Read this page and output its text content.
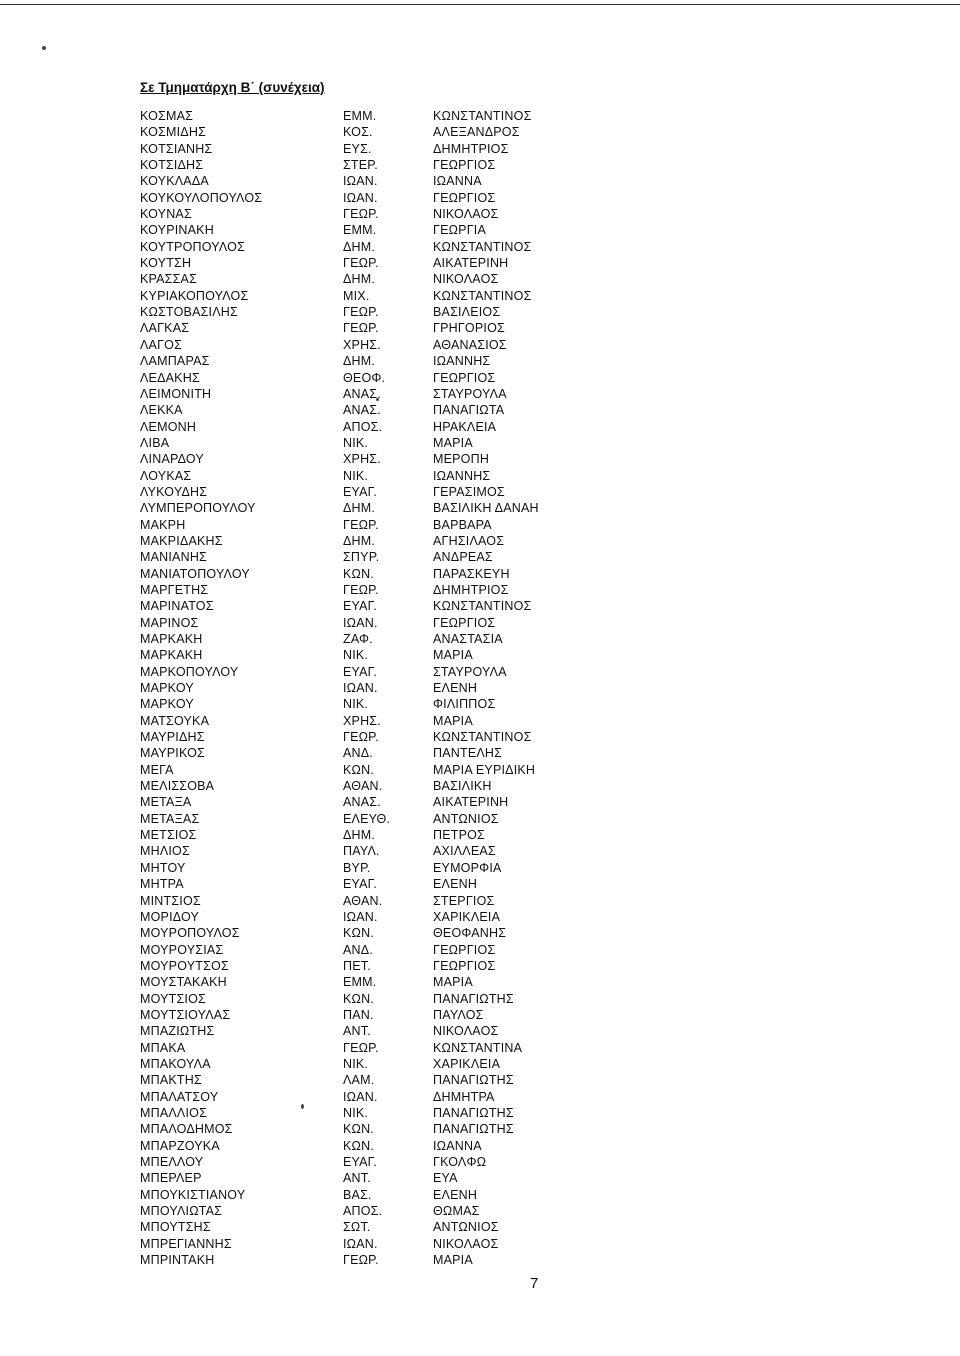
Σε Τμηματάρχη Β΄ (συνέχεια)
ΚΟΣΜΑΣ	ΕΜΜ.	ΚΩΝΣΤΑΝΤΙΝΟΣ
ΚΟΣΜΙΔΗΣ	ΚΟΣ.	ΑΛΕΞΑΝΔΡΟΣ
ΚΟΤΣΙΑΝΗΣ	ΕΥΣ.	ΔΗΜΗΤΡΙΟΣ
ΚΟΤΣΙΔΗΣ	ΣΤΕΡ.	ΓΕΩΡΓΙΟΣ
ΚΟΥΚΛΑΔΑ	ΙΩΑΝ.	ΙΩΑΝΝΑ
ΚΟΥΚΟΥΛΟΠΟΥΛΟΣ	ΙΩΑΝ.	ΓΕΩΡΓΙΟΣ
ΚΟΥΝΑΣ	ΓΕΩΡ.	ΝΙΚΟΛΑΟΣ
ΚΟΥΡΙΝΑΚΗ	ΕΜΜ.	ΓΕΩΡΓΙΑ
ΚΟΥΤΡΟΠΟΥΛΟΣ	ΔΗΜ.	ΚΩΝΣΤΑΝΤΙΝΟΣ
ΚΟΥΤΣΗ	ΓΕΩΡ.	ΑΙΚΑΤΕΡΙΝΗ
ΚΡΑΣΣΑΣ	ΔΗΜ.	ΝΙΚΟΛΑΟΣ
ΚΥΡΙΑΚΟΠΟΥΛΟΣ	ΜΙΧ.	ΚΩΝΣΤΑΝΤΙΝΟΣ
ΚΩΣΤΟΒΑΣΙΛΗΣ	ΓΕΩΡ.	ΒΑΣΙΛΕΙΟΣ
ΛΑΓΚΑΣ	ΓΕΩΡ.	ΓΡΗΓΟΡΙΟΣ
ΛΑΓΟΣ	ΧΡΗΣ.	ΑΘΑΝΑΣΙΟΣ
ΛΑΜΠΑΡΑΣ	ΔΗΜ.	ΙΩΑΝΝΗΣ
ΛΕΔΑΚΗΣ	ΘΕΟΦ.	ΓΕΩΡΓΙΟΣ
ΛΕΙΜΟΝΙΤΗ	ΑΝΑΣ.	ΣΤΑΥΡΟΥΛΑ
ΛΕΚΚΑ	ΑΝΑΣ.	ΠΑΝΑΓΙΩΤΑ
ΛΕΜΟΝΗ	ΑΠΟΣ.	ΗΡΑΚΛΕΙΑ
ΛΙΒΑ	ΝΙΚ.	ΜΑΡΙΑ
ΛΙΝΑΡΔΟΥ	ΧΡΗΣ.	ΜΕΡΟΠΗ
ΛΟΥΚΑΣ	ΝΙΚ.	ΙΩΑΝΝΗΣ
ΛΥΚΟΥΔΗΣ	ΕΥΑΓ.	ΓΕΡΑΣΙΜΟΣ
ΛΥΜΠΕΡΟΠΟΥΛΟΥ	ΔΗΜ.	ΒΑΣΙΛΙΚΗ ΔΑΝΑΗ
ΜΑΚΡΗ	ΓΕΩΡ.	ΒΑΡΒΑΡΑ
ΜΑΚΡΙΔΑΚΗΣ	ΔΗΜ.	ΑΓΗΣΙΛΑΟΣ
ΜΑΝΙΑΝΗΣ	ΣΠΥΡ.	ΑΝΔΡΕΑΣ
ΜΑΝΙΑΤΟΠΟΥΛΟΥ	ΚΩΝ.	ΠΑΡΑΣΚΕΥΗ
ΜΑΡΓΕΤΗΣ	ΓΕΩΡ.	ΔΗΜΗΤΡΙΟΣ
ΜΑΡΙΝΑΤΟΣ	ΕΥΑΓ.	ΚΩΝΣΤΑΝΤΙΝΟΣ
ΜΑΡΙΝΟΣ	ΙΩΑΝ.	ΓΕΩΡΓΙΟΣ
ΜΑΡΚΑΚΗ	ΖΑΦ.	ΑΝΑΣΤΑΣΙΑ
ΜΑΡΚΑΚΗ	ΝΙΚ.	ΜΑΡΙΑ
ΜΑΡΚΟΠΟΥΛΟΥ	ΕΥΑΓ.	ΣΤΑΥΡΟΥΛΑ
ΜΑΡΚΟΥ	ΙΩΑΝ.	ΕΛΕΝΗ
ΜΑΡΚΟΥ	ΝΙΚ.	ΦΙΛΙΠΠΟΣ
ΜΑΤΣΟΥΚΑ	ΧΡΗΣ.	ΜΑΡΙΑ
ΜΑΥΡΙΔΗΣ	ΓΕΩΡ.	ΚΩΝΣΤΑΝΤΙΝΟΣ
ΜΑΥΡΙΚΟΣ	ΑΝΔ.	ΠΑΝΤΕΛΗΣ
ΜΕΓΑ	ΚΩΝ.	ΜΑΡΙΑ ΕΥΡΙΔΙΚΗ
ΜΕΛΙΣΣΟΒΑ	ΑΘΑΝ.	ΒΑΣΙΛΙΚΗ
ΜΕΤΑΞΑ	ΑΝΑΣ.	ΑΙΚΑΤΕΡΙΝΗ
ΜΕΤΑΞΑΣ	ΕΛΕΥΘ.	ΑΝΤΩΝΙΟΣ
ΜΕΤΣΙΟΣ	ΔΗΜ.	ΠΕΤΡΟΣ
ΜΗΛΙΟΣ	ΠΑΥΛ.	ΑΧΙΛΛΕΑΣ
ΜΗΤΟΥ	ΒΥΡ.	ΕΥΜΟΡΦΙΑ
ΜΗΤΡΑ	ΕΥΑΓ.	ΕΛΕΝΗ
ΜΙΝΤΣΙΟΣ	ΑΘΑΝ.	ΣΤΕΡΓΙΟΣ
ΜΟΡΙΔΟΥ	ΙΩΑΝ.	ΧΑΡΙΚΛΕΙΑ
ΜΟΥΡΟΠΟΥΛΟΣ	ΚΩΝ.	ΘΕΟΦΑΝΗΣ
ΜΟΥΡΟΥΣΙΑΣ	ΑΝΔ.	ΓΕΩΡΓΙΟΣ
ΜΟΥΡΟΥΤΣΟΣ	ΠΕΤ.	ΓΕΩΡΓΙΟΣ
ΜΟΥΣΤΑΚΑΚΗ	ΕΜΜ.	ΜΑΡΙΑ
ΜΟΥΤΣΙΟΣ	ΚΩΝ.	ΠΑΝΑΓΙΩΤΗΣ
ΜΟΥΤΣΙΟΥΛΑΣ	ΠΑΝ.	ΠΑΥΛΟΣ
ΜΠΑΖΙΩΤΗΣ	ΑΝΤ.	ΝΙΚΟΛΑΟΣ
ΜΠΑΚΑ	ΓΕΩΡ.	ΚΩΝΣΤΑΝΤΙΝΑ
ΜΠΑΚΟΥΛΑ	ΝΙΚ.	ΧΑΡΙΚΛΕΙΑ
ΜΠΑΚΤΗΣ	ΛΑΜ.	ΠΑΝΑΓΙΩΤΗΣ
ΜΠΑΛΑΤΣΟΥ	ΙΩΑΝ.	ΔΗΜΗΤΡΑ
ΜΠΑΛΛΙΟΣ	ΝΙΚ.	ΠΑΝΑΓΙΩΤΗΣ
ΜΠΑΛΟΔΗΜΟΣ	ΚΩΝ.	ΠΑΝΑΓΙΩΤΗΣ
ΜΠΑΡΖΟΥΚΑ	ΚΩΝ.	ΙΩΑΝΝΑ
ΜΠΕΛΛΟΥ	ΕΥΑΓ.	ΓΚΟΛΦΩ
ΜΠΕΡΛΕΡ	ΑΝΤ.	ΕΥΑ
ΜΠΟΥΚΙΣΤΙΑΝΟΥ	ΒΑΣ.	ΕΛΕΝΗ
ΜΠΟΥΛΙΩΤΑΣ	ΑΠΟΣ.	ΘΩΜΑΣ
ΜΠΟΥΤΣΗΣ	ΣΩΤ.	ΑΝΤΩΝΙΟΣ
ΜΠΡΕΓΙΑΝΝΗΣ	ΙΩΑΝ.	ΝΙΚΟΛΑΟΣ
ΜΠΡΙΝΤΑΚΗ	ΓΕΩΡ.	ΜΑΡΙΑ
7
